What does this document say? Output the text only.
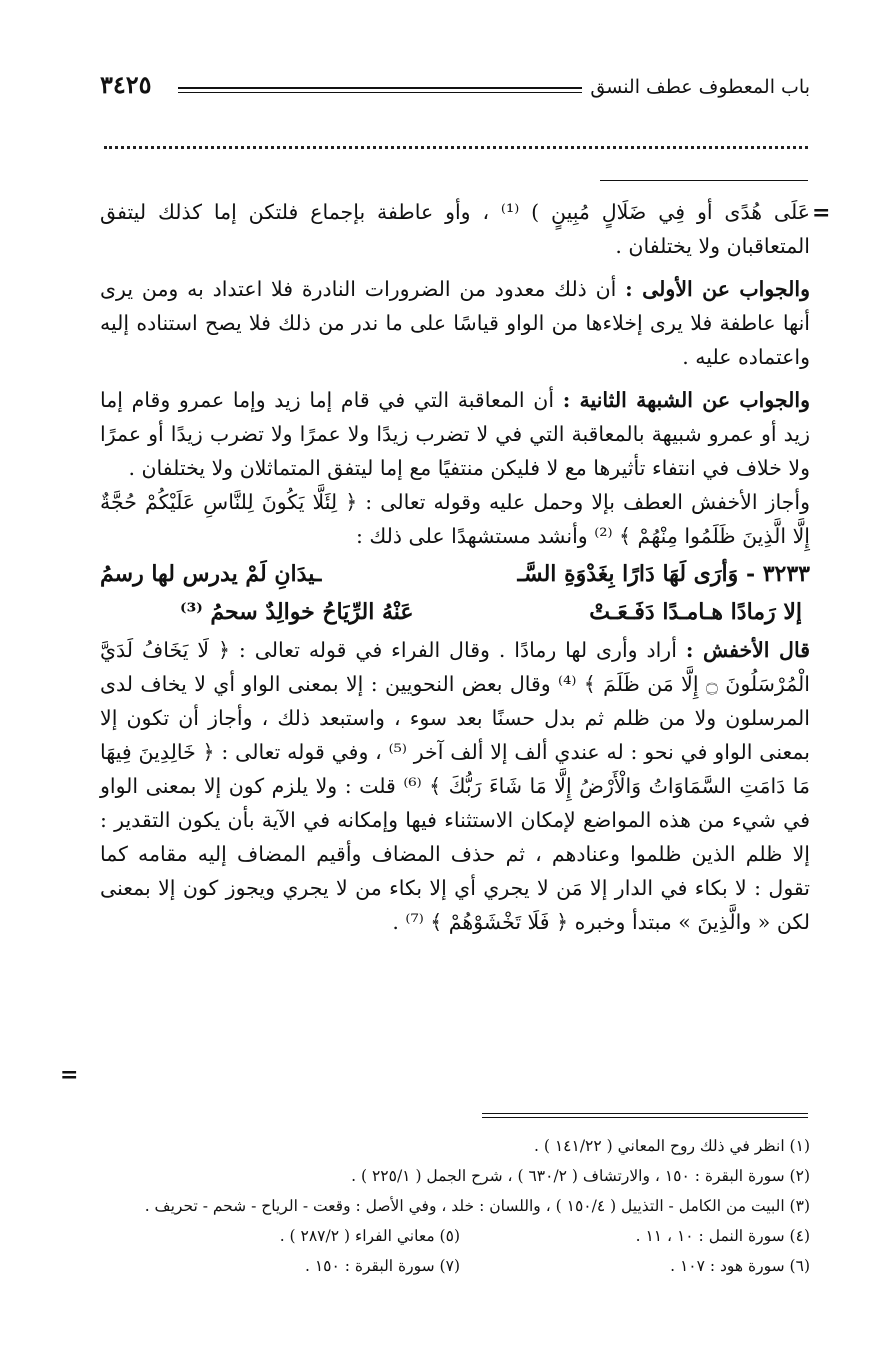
باب المعطوف عطف النسق
٣٤٢٥
=

عَلَى هُدًى أو فِي ضَلَالٍ مُبِينٍ ) ⁽¹⁾ ، وأو عاطفة بإجماع فلتكن إما كذلك ليتفق المتعاقبان ولا يختلفان .

والجواب عن الأولى : أن ذلك معدود من الضرورات النادرة فلا اعتداد به ومن يرى أنها عاطفة فلا يرى إخلاءها من الواو قياسًا على ما ندر من ذلك فلا يصح استناده إليه واعتماده عليه .

والجواب عن الشبهة الثانية : أن المعاقبة التي في قام إما زيد وإما عمرو وقام إما زيد أو عمرو شبيهة بالمعاقبة التي في لا تضرب زيدًا ولا عمرًا ولا تضرب زيدًا أو عمرًا ولا خلاف في انتفاء تأثيرها مع لا فليكن منتفيًا مع إما ليتفق المتماثلان ولا يختلفان .

وأجاز الأخفش العطف بإلا وحمل عليه وقوله تعالى : ﴿ لِئَلَّا يَكُونَ لِلنَّاسِ عَلَيْكُمْ حُجَّةٌ إِلَّا الَّذِينَ ظَلَمُوا مِنْهُمْ ﴾ ⁽²⁾ وأنشد مستشهدًا على ذلك :

٣٢٣٣ - وَأرَى لَهَا دَارًا بِغَدْوَةِ السَّـ
ـيدَانِ لَمْ يدرس لها رسمُ
إلا رَمادًا هـامـدًا دَفَـعَـتْ
عَنْهُ الرِّيَاحُ خوالِدٌ سحمُ ⁽³⁾

قال الأخفش : أراد وأرى لها رمادًا . وقال الفراء في قوله تعالى : ﴿ لَا يَخَافُ لَدَيَّ الْمُرْسَلُونَ ۝ إِلَّا مَن ظَلَمَ ﴾ ⁽⁴⁾ وقال بعض النحويين : إلا بمعنى الواو أي لا يخاف لدى المرسلون ولا من ظلم ثم بدل حسنًا بعد سوء ، واستبعد ذلك ، وأجاز أن تكون إلا بمعنى الواو في نحو : له عندي ألف إلا ألف آخر ⁽⁵⁾ ، وفي قوله تعالى : ﴿ خَالِدِينَ فِيهَا مَا دَامَتِ السَّمَاوَاتُ وَالْأَرْضُ إِلَّا مَا شَاءَ رَبُّكَ ﴾ ⁽⁶⁾ قلت : ولا يلزم كون إلا بمعنى الواو في شيء من هذه المواضع لإمكان الاستثناء فيها وإمكانه في الآية بأن يكون التقدير : إلا ظلم الذين ظلموا وعنادهم ، ثم حذف المضاف وأقيم المضاف إليه مقامه كما تقول : لا بكاء في الدار إلا مَن لا يجري أي إلا بكاء من لا يجري ويجوز كون إلا بمعنى لكن « والَّذِينَ » مبتدأ وخبره ﴿ فَلَا تَخْشَوْهُمْ ﴾ ⁽⁷⁾ .

=
(١) انظر في ذلك روح المعاني ( ١٤١/٢٢ ) .
(٢) سورة البقرة : ١٥٠ ، والارتشاف ( ٦٣٠/٢ ) ، شرح الجمل ( ٢٢٥/١ ) .
(٣) البيت من الكامل - التذييل ( ١٥٠/٤ ) ، واللسان : خلد ، وفي الأصل : وقعت - الرياح - شحم - تحريف .
(٤) سورة النمل : ١٠ ، ١١ .
(٥) معاني الفراء ( ٢٨٧/٢ ) .
(٦) سورة هود : ١٠٧ .
(٧) سورة البقرة : ١٥٠ .
